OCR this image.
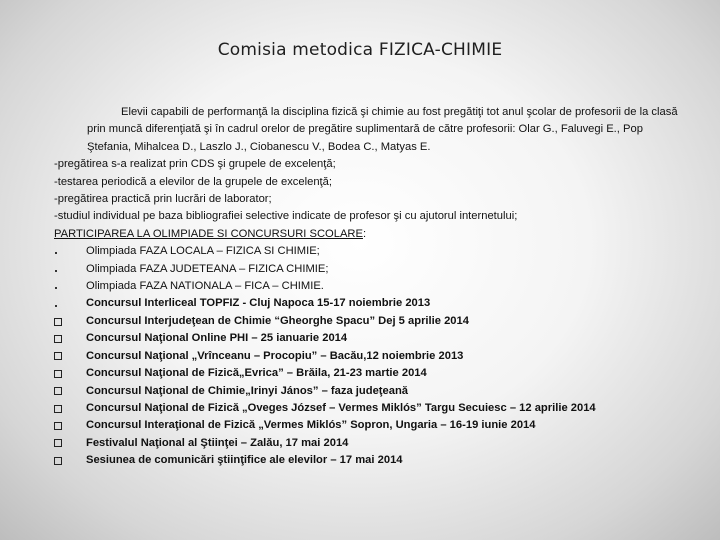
Comisia metodica FIZICA-CHIMIE

Elevii capabili de performanţă la disciplina fizică şi chimie au fost pregătiţi tot anul şcolar de profesorii de la clasă prin muncă diferenţiată şi în cadrul orelor de pregătire suplimentară de către profesorii: Olar G., Faluvegi E., Pop Ştefania, Mihalcea D., Laszlo J., Ciobanescu V., Bodea C., Matyas E.

-pregătirea s-a realizat prin CDS şi grupele de excelenţă;

-testarea periodică a elevilor de la grupele de excelenţă;

-pregătirea practică prin lucrări de laborator;

-studiul individual pe baza bibliografiei selective indicate de profesor şi cu ajutorul internetului;

PARTICIPAREA LA OLIMPIADE SI CONCURSURI SCOLARE:

Olimpiada FAZA LOCALA – FIZICA SI CHIMIE;
Olimpiada FAZA JUDETEANA – FIZICA CHIMIE;
Olimpiada FAZA NATIONALA – FICA – CHIMIE.
Concursul Interliceal TOPFIZ - Cluj Napoca 15-17 noiembrie 2013
Concursul Interjudeţean de Chimie “Gheorghe Spacu” Dej 5 aprilie 2014
Concursul Naţional Online PHI – 25 ianuarie 2014
Concursul Naţional „Vrînceanu – Procopiu” – Bacău,12 noiembrie 2013
Concursul Naţional de Fizică„Evrica” – Brăila, 21-23 martie 2014
Concursul Naţional de Chimie„Irinyi János” – faza judeţeană
Concursul Naţional de Fizică „Oveges József – Vermes Miklós” Targu Secuiesc – 12 aprilie 2014
Concursul Interaţional de Fizică „Vermes Miklós” Sopron, Ungaria – 16-19 iunie 2014
Festivalul Naţional al Ştiinţei – Zalău, 17 mai 2014
Sesiunea de comunicări ştiinţifice ale elevilor – 17 mai 2014
